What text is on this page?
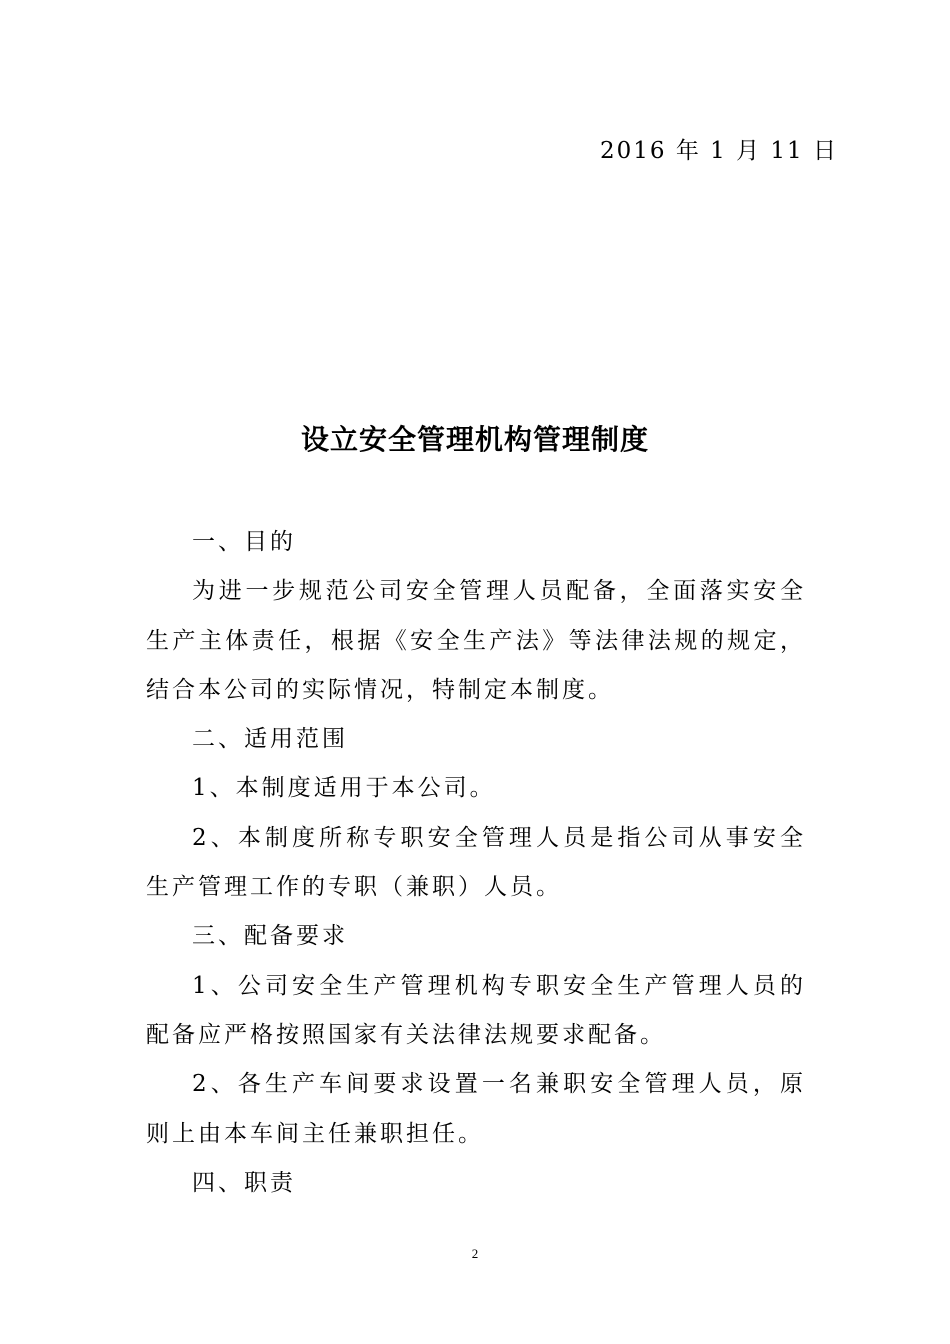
2016 年 1 月 11 日
设立安全管理机构管理制度

一、目的

为进一步规范公司安全管理人员配备，全面落实安全生产主体责任，根据《安全生产法》等法律法规的规定，结合本公司的实际情况，特制定本制度。

二、适用范围

1、本制度适用于本公司。

2、本制度所称专职安全管理人员是指公司从事安全生产管理工作的专职（兼职）人员。

三、配备要求

1、公司安全生产管理机构专职安全生产管理人员的配备应严格按照国家有关法律法规要求配备。

2、各生产车间要求设置一名兼职安全管理人员，原则上由本车间主任兼职担任。

四、职责

2
